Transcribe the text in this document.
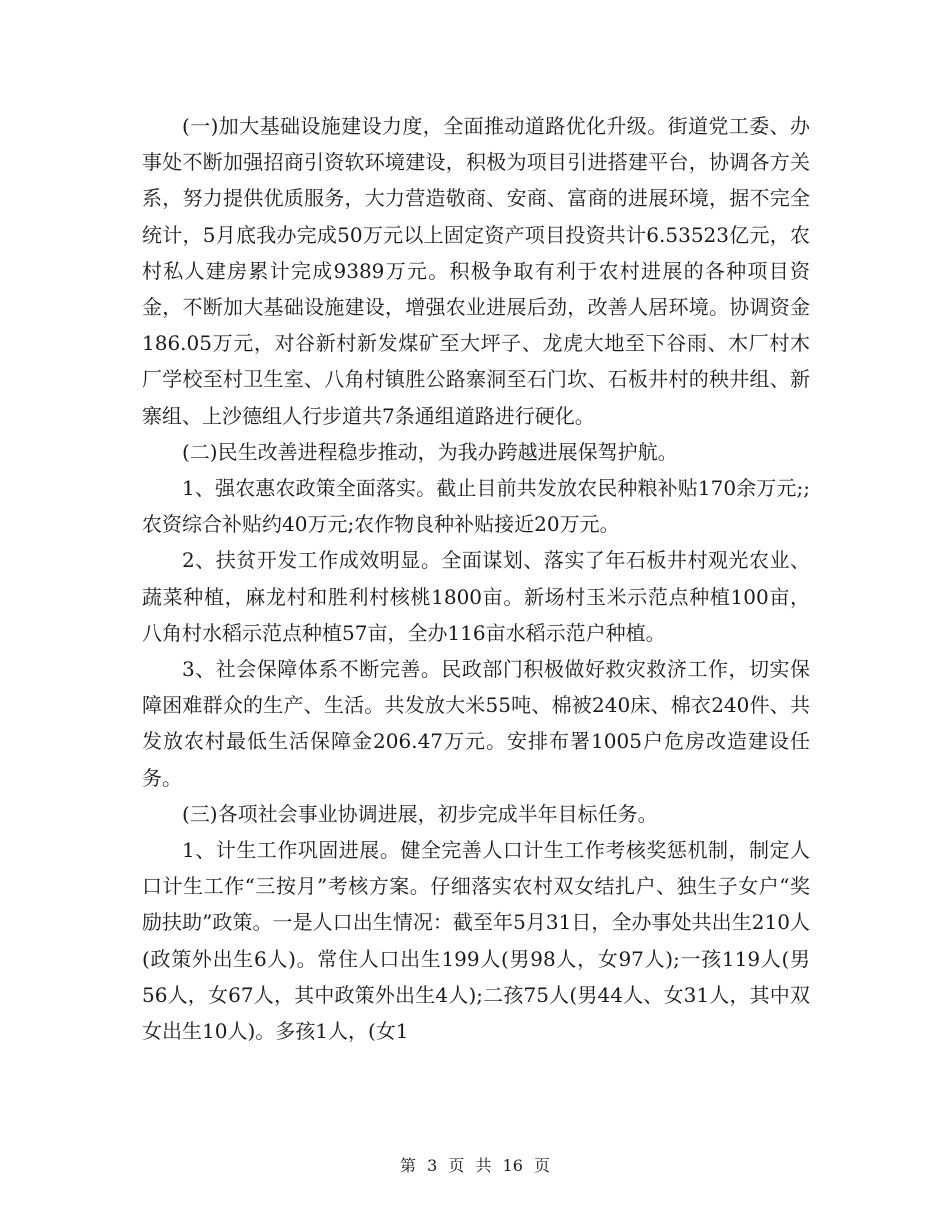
(一)加大基础设施建设力度，全面推动道路优化升级。街道党工委、办事处不断加强招商引资软环境建设，积极为项目引进搭建平台，协调各方关系，努力提供优质服务，大力营造敬商、安商、富商的进展环境，据不完全统计，5月底我办完成50万元以上固定资产项目投资共计6.53523亿元，农村私人建房累计完成9389万元。积极争取有利于农村进展的各种项目资金，不断加大基础设施建设，增强农业进展后劲，改善人居环境。协调资金186.05万元，对谷新村新发煤矿至大坪子、龙虎大地至下谷雨、木厂村木厂学校至村卫生室、八角村镇胜公路寨洞至石门坎、石板井村的秧井组、新寨组、上沙德组人行步道共7条通组道路进行硬化。

(二)民生改善进程稳步推动，为我办跨越进展保驾护航。

1、强农惠农政策全面落实。截止目前共发放农民种粮补贴170余万元;;农资综合补贴约40万元;农作物良种补贴接近20万元。

2、扶贫开发工作成效明显。全面谋划、落实了年石板井村观光农业、蔬菜种植，麻龙村和胜利村核桃1800亩。新场村玉米示范点种植100亩，八角村水稻示范点种植57亩，全办116亩水稻示范户种植。

3、社会保障体系不断完善。民政部门积极做好救灾救济工作，切实保障困难群众的生产、生活。共发放大米55吨、棉被240床、棉衣240件、共发放农村最低生活保障金206.47万元。安排布署1005户危房改造建设任务。

(三)各项社会事业协调进展，初步完成半年目标任务。

1、计生工作巩固进展。健全完善人口计生工作考核奖惩机制，制定人口计生工作“三按月”考核方案。仔细落实农村双女结扎户、独生子女户“奖励扶助”政策。一是人口出生情况：截至年5月31日，全办事处共出生210人(政策外出生6人)。常住人口出生199人(男98人，女97人);一孩119人(男56人，女67人，其中政策外出生4人);二孩75人(男44人、女31人，其中双女出生10人)。多孩1人，(女1

第 3 页 共 16 页
